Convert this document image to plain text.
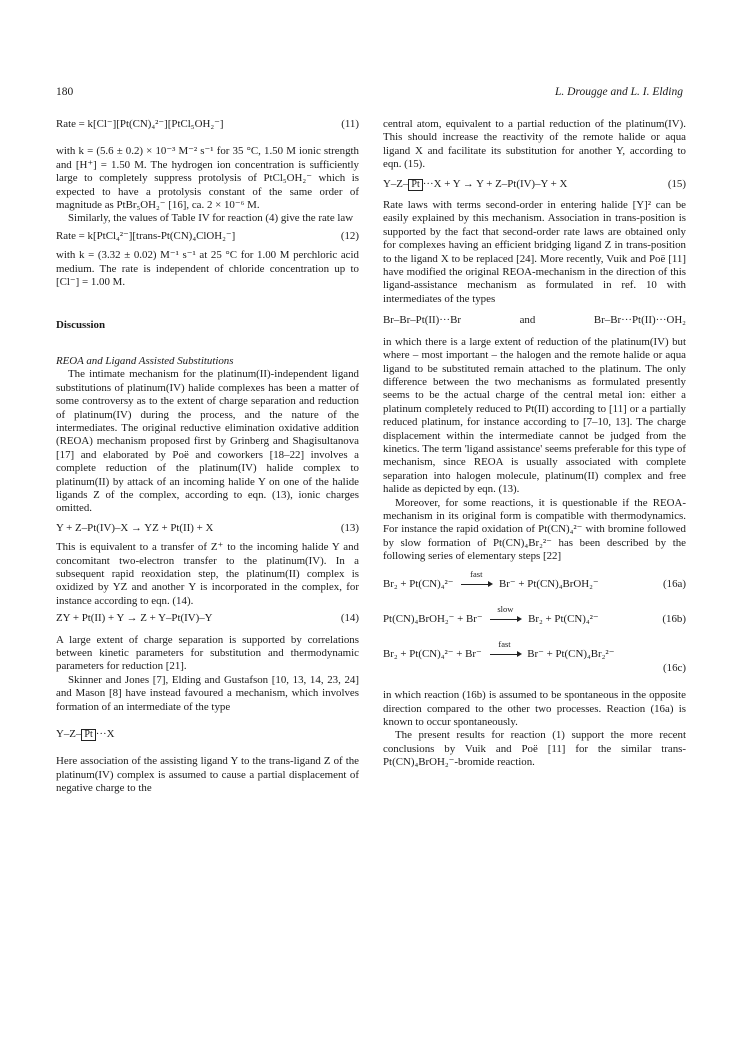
180	L. Drougge and L. I. Elding
Rate = k[Cl⁻][Pt(CN)₄²⁻][PtCl₅OH₂⁻]	(11)

with k = (5.6 ± 0.2) × 10⁻³ M⁻² s⁻¹ for 35 °C, 1.50 M ionic strength and [H⁺] = 1.50 M. The hydrogen ion concentration is sufficiently large to completely suppress protolysis of PtCl₅OH₂⁻ which is expected to have a protolysis constant of the same order of magnitude as PtBr₅OH₂⁻ [16], ca. 2 × 10⁻⁶ M.

Similarly, the values of Table IV for reaction (4) give the rate law

Rate = k[PtCl₄²⁻][trans-Pt(CN)₄ClOH₂⁻]	(12)

with k = (3.32 ± 0.02) M⁻¹ s⁻¹ at 25 °C for 1.00 M perchloric acid medium. The rate is independent of chloride concentration up to [Cl⁻] = 1.00 M.

Discussion

REOA and Ligand Assisted Substitutions

The intimate mechanism for the platinum(II)-independent ligand substitutions of platinum(IV) halide complexes has been a matter of some controversy as to the extent of charge separation and reduction of platinum(IV) during the process, and the nature of the intermediates. The original reductive elimination oxidative addition (REOA) mechanism proposed first by Grinberg and Shagisultanova [17] and elaborated by Poë and coworkers [18–22] involves a complete reduction of the platinum(IV) halide complex to platinum(II) by attack of an incoming halide Y on one of the halide ligands Z of the complex, according to eqn. (13), ionic charges omitted.

Y + Z–Pt(IV)–X → YZ + Pt(II) + X	(13)

This is equivalent to a transfer of Z⁺ to the incoming halide Y and concomitant two-electron transfer to the platinum(IV). In a subsequent rapid reoxidation step, the platinum(II) complex is oxidized by YZ and another Y is incorporated in the complex, for instance according to eqn. (14).

ZY + Pt(II) + Y → Z + Y–Pt(IV)–Y	(14)

A large extent of charge separation is supported by correlations between kinetic parameters for substitution and thermodynamic parameters for reduction [21].

Skinner and Jones [7], Elding and Gustafson [10, 13, 14, 23, 24] and Mason [8] have instead favoured a mechanism, which involves formation of an intermediate of the type

Y–Z– Pt ···X

Here association of the assisting ligand Y to the trans-ligand Z of the platinum(IV) complex is assumed to cause a partial displacement of negative charge to the

central atom, equivalent to a partial reduction of the platinum(IV). This should increase the reactivity of the remote halide or aqua ligand X and facilitate its substitution for another Y, according to eqn. (15).

Y–Z– Pt ···X + Y → Y + Z–Pt(IV)–Y + X	(15)

Rate laws with terms second-order in entering halide [Y]² can be easily explained by this mechanism. Association in trans-position is supported by the fact that second-order rate laws are obtained only for complexes having an efficient bridging ligand Z in trans-position to the ligand X to be replaced [24]. More recently, Vuik and Poë [11] have modified the original REOA-mechanism in the direction of this ligand-assistance mechanism as formulated in ref. 10 with intermediates of the types

Br–Br–Pt(II)···Br	and	Br–Br···Pt(II)···OH₂

in which there is a large extent of reduction of the platinum(IV) but where – most important – the halogen and the remote halide or aqua ligand to be substituted remain attached to the platinum. The only difference between the two mechanisms as formulated presently seems to be the actual charge of the central metal ion: either a platinum completely reduced to Pt(II) according to [11] or a partially reduced platinum, for instance according to [7–10, 13]. The charge displacement within the intermediate cannot be judged from the kinetics. The term 'ligand assistance' seems preferable for this type of mechanism, since REOA is usually associated with complete separation into halogen molecule, platinum(II) complex and free halide as depicted by eqn. (13).

Moreover, for some reactions, it is questionable if the REOA-mechanism in its original form is compatible with thermodynamics. For instance the rapid oxidation of Pt(CN)₄²⁻ with bromine followed by slow formation of Pt(CN)₄Br₂²⁻ has been described by the following series of elementary steps [22]

Br₂ + Pt(CN)₄²⁻
fast
Br⁻ + Pt(CN)₄BrOH₂⁻	(16a)
Pt(CN)₄BrOH₂⁻ + Br⁻
slow
Br₂ + Pt(CN)₄²⁻	(16b)
Br₂ + Pt(CN)₄²⁻ + Br⁻
fast
Br⁻ + Pt(CN)₄Br₂²⁻
(16c)

in which reaction (16b) is assumed to be spontaneous in the opposite direction compared to the other two processes. Reaction (16a) is known to occur spontaneously.

The present results for reaction (1) support the more recent conclusions by Vuik and Poë [11] for the similar trans-Pt(CN)₄BrOH₂⁻-bromide reaction.
